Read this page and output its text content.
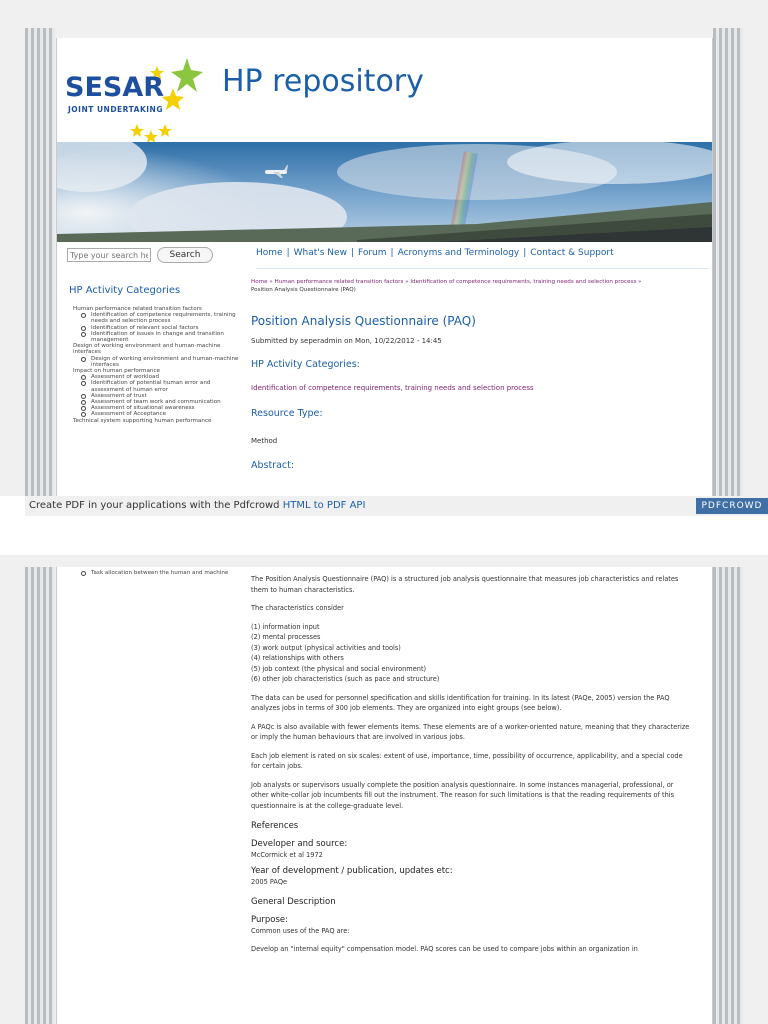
SESAR
JOINT UNDERTAKING
HP repository
Type your search here
Search
HP Activity Categories
Human performance related transition factors
Identification of competence requirements, training needs and selection process
Identification of relevant social factors
Identification of issues in change and transition management
Design of working environment and human-machine interfaces
Design of working environment and human-machine interfaces
Impact on human performance
Assessment of workload
Identification of potential human error and assessment of human error
Assessment of trust
Assessment of team work and communication
Assessment of situational awareness
Assessment of Acceptance
Technical system supporting human performance
Home | What's New | Forum | Acronyms and Terminology | Contact & Support
Home » Human performance related transition factors » Identification of competence requirements, training needs and selection process »
Position Analysis Questionnaire (PAQ)
Position Analysis Questionnaire (PAQ)
Submitted by seperadmin on Mon, 10/22/2012 - 14:45
HP Activity Categories:
Identification of competence requirements, training needs and selection process
Resource Type:
Method
Abstract:
Create PDF in your applications with the Pdfcrowd HTML to PDF API	PDFCROWD
Task allocation between the human and machine

The Position Analysis Questionnaire (PAQ) is a structured job analysis questionnaire that measures job characteristics and relates them to human characteristics.

The characteristics consider

(1) information input
(2) mental processes
(3) work output (physical activities and tools)
(4) relationships with others
(5) job context (the physical and social environment)
(6) other job characteristics (such as pace and structure)

The data can be used for personnel specification and skills identification for training. In its latest (PAQe, 2005) version the PAQ analyzes jobs in terms of 300 job elements. They are organized into eight groups (see below).

A PAQc is also available with fewer elements items. These elements are of a worker-oriented nature, meaning that they characterize or imply the human behaviours that are involved in various jobs.

Each job element is rated on six scales: extent of use, importance, time, possibility of occurrence, applicability, and a special code for certain jobs.

Job analysts or supervisors usually complete the position analysis questionnaire. In some instances managerial, professional, or other white-collar job incumbents fill out the instrument. The reason for such limitations is that the reading requirements of this questionnaire is at the college-graduate level.

References
Developer and source:
McCormick et al 1972
Year of development / publication, updates etc:
2005 PAQe
General Description
Purpose:
Common uses of the PAQ are:

Develop an "internal equity" compensation model. PAQ scores can be used to compare jobs within an organization in
